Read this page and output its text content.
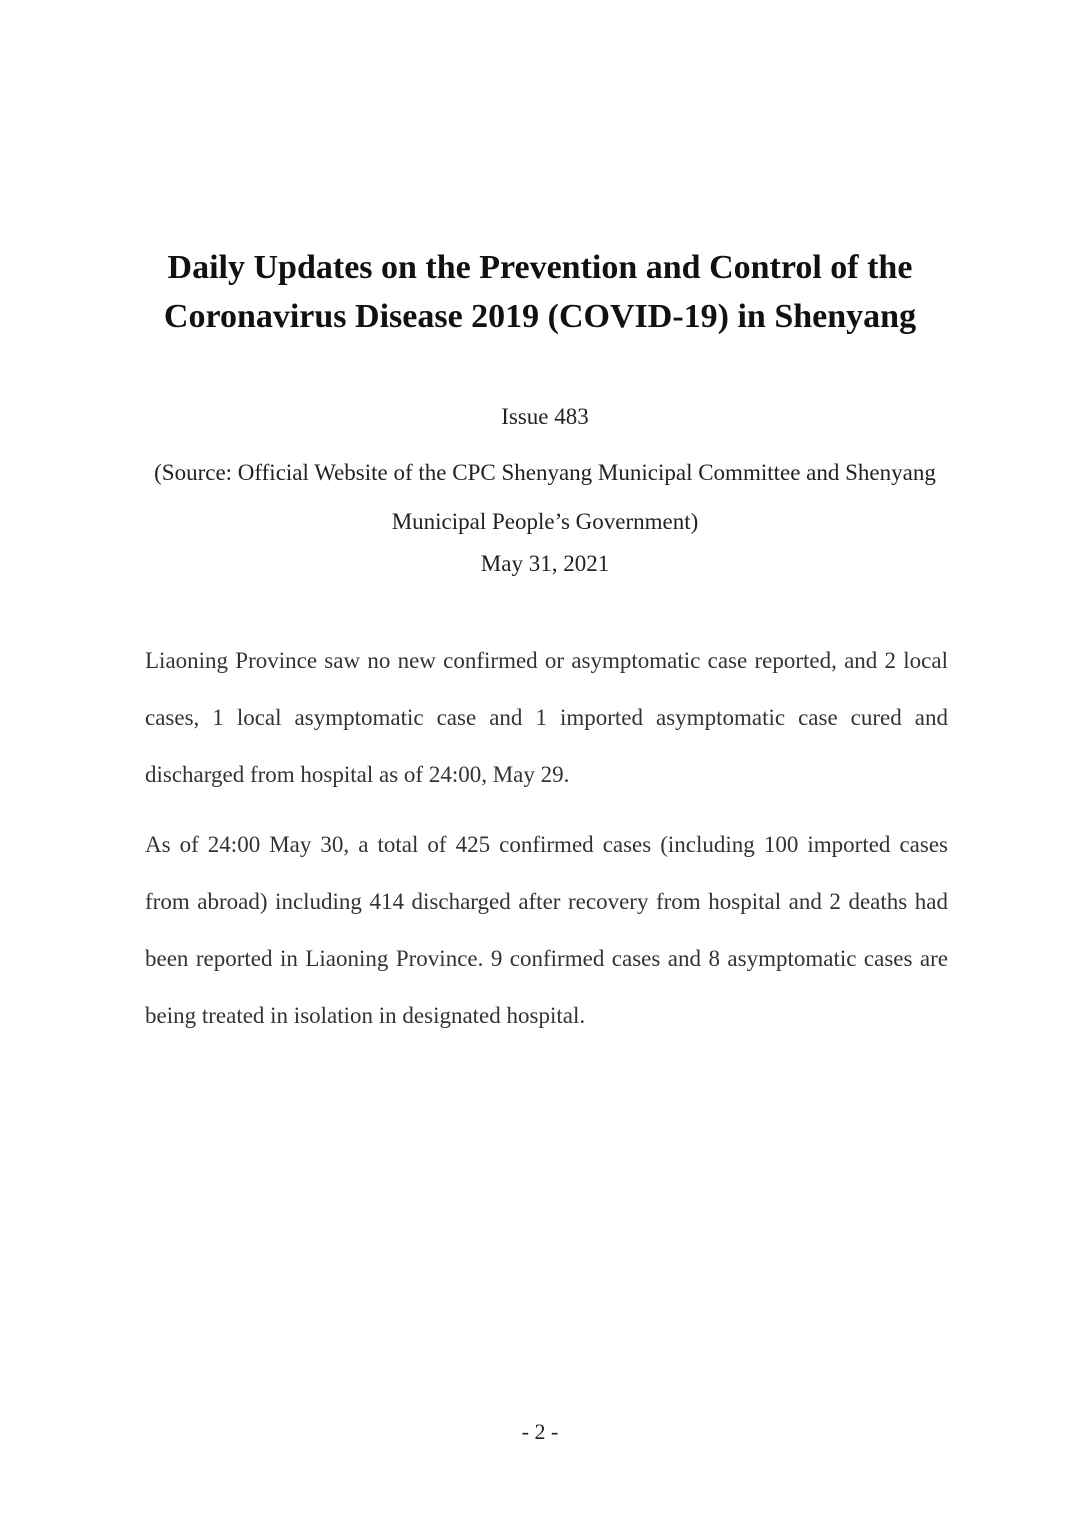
Daily Updates on the Prevention and Control of the Coronavirus Disease 2019 (COVID-19) in Shenyang
Issue 483
(Source: Official Website of the CPC Shenyang Municipal Committee and Shenyang Municipal People’s Government)
May 31, 2021

Liaoning Province saw no new confirmed or asymptomatic case reported, and 2 local cases, 1 local asymptomatic case and 1 imported asymptomatic case cured and discharged from hospital as of 24:00, May 29.

As of 24:00 May 30, a total of 425 confirmed cases (including 100 imported cases from abroad) including 414 discharged after recovery from hospital and 2 deaths had been reported in Liaoning Province. 9 confirmed cases and 8 asymptomatic cases are being treated in isolation in designated hospital.

- 2 -
